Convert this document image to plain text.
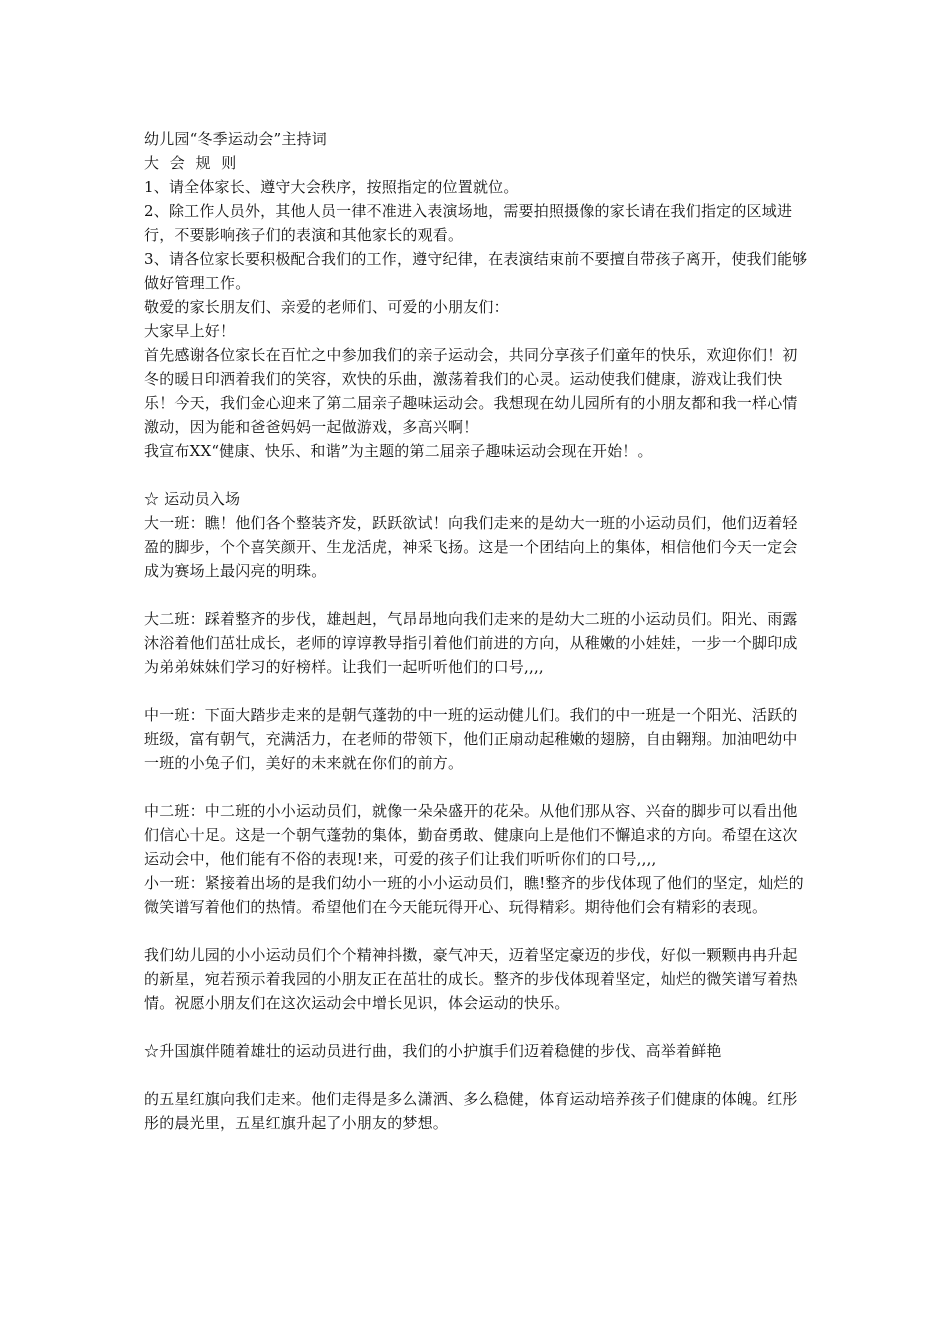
幼儿园“冬季运动会”主持词

大 会 规 则

1、请全体家长、遵守大会秩序，按照指定的位置就位。

2、除工作人员外，其他人员一律不准进入表演场地，需要拍照摄像的家长请在我们指定的区域进行，不要影响孩子们的表演和其他家长的观看。

3、请各位家长要积极配合我们的工作，遵守纪律，在表演结束前不要擅自带孩子离开，使我们能够做好管理工作。

敬爱的家长朋友们、亲爱的老师们、可爱的小朋友们：

大家早上好！

首先感谢各位家长在百忙之中参加我们的亲子运动会，共同分享孩子们童年的快乐，欢迎你们！初冬的暖日印洒着我们的笑容，欢快的乐曲，激荡着我们的心灵。运动使我们健康，游戏让我们快乐！今天，我们金心迎来了第二届亲子趣味运动会。我想现在幼儿园所有的小朋友都和我一样心情激动，因为能和爸爸妈妈一起做游戏，多高兴啊！

我宣布XX“健康、快乐、和谐”为主题的第二届亲子趣味运动会现在开始！。

☆ 运动员入场

大一班：瞧！他们各个整装齐发，跃跃欲试！向我们走来的是幼大一班的小运动员们，他们迈着轻盈的脚步，个个喜笑颜开、生龙活虎，神采飞扬。这是一个团结向上的集体，相信他们今天一定会成为赛场上最闪亮的明珠。

大二班：踩着整齐的步伐，雄赳赳，气昂昂地向我们走来的是幼大二班的小运动员们。阳光、雨露沐浴着他们茁壮成长，老师的谆谆教导指引着他们前进的方向，从稚嫩的小娃娃，一步一个脚印成为弟弟妹妹们学习的好榜样。让我们一起听听他们的口号,,,,

中一班：下面大踏步走来的是朝气蓬勃的中一班的运动健儿们。我们的中一班是一个阳光、活跃的班级，富有朝气，充满活力，在老师的带领下，他们正扇动起稚嫩的翅膀，自由翱翔。加油吧幼中一班的小兔子们，美好的未来就在你们的前方。

中二班：中二班的小小运动员们，就像一朵朵盛开的花朵。从他们那从容、兴奋的脚步可以看出他们信心十足。这是一个朝气蓬勃的集体，勤奋勇敢、健康向上是他们不懈追求的方向。希望在这次运动会中，他们能有不俗的表现!来，可爱的孩子们让我们听听你们的口号,,,,

小一班：紧接着出场的是我们幼小一班的小小运动员们，瞧!整齐的步伐体现了他们的坚定，灿烂的微笑谱写着他们的热情。希望他们在今天能玩得开心、玩得精彩。期待他们会有精彩的表现。

我们幼儿园的小小运动员们个个精神抖擞，豪气冲天，迈着坚定豪迈的步伐，好似一颗颗冉冉升起的新星，宛若预示着我园的小朋友正在茁壮的成长。整齐的步伐体现着坚定，灿烂的微笑谱写着热情。祝愿小朋友们在这次运动会中增长见识，体会运动的快乐。

☆升国旗伴随着雄壮的运动员进行曲，我们的小护旗手们迈着稳健的步伐、高举着鲜艳

的五星红旗向我们走来。他们走得是多么潇洒、多么稳健，体育运动培养孩子们健康的体魄。红彤彤的晨光里，五星红旗升起了小朋友的梦想。
